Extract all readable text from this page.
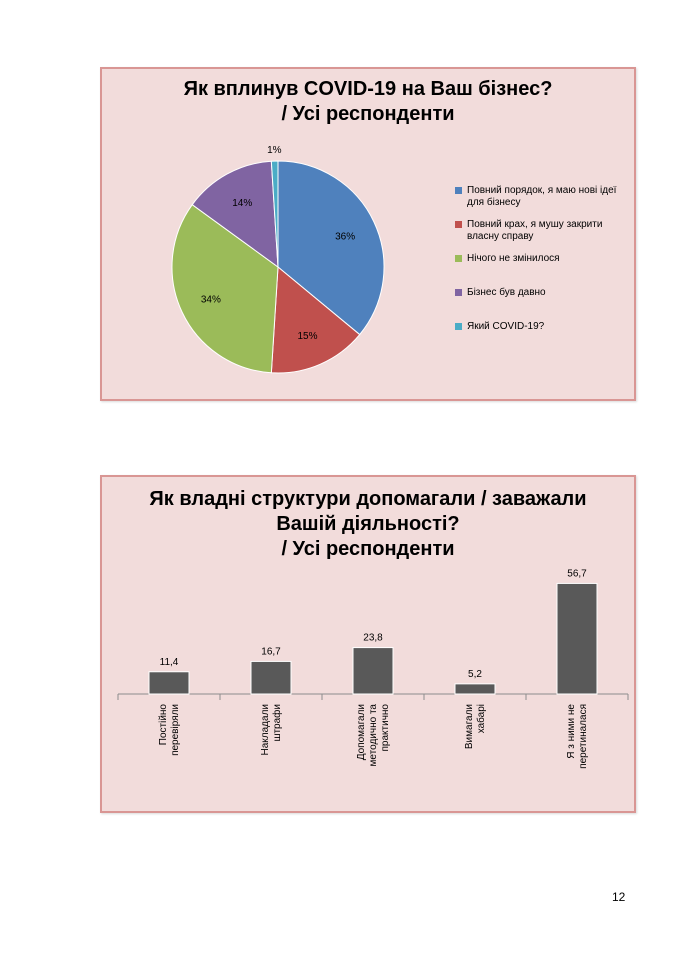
Як вплинув COVID-19 на Ваш бізнес?
/ Усі респонденти
36%
15%
34%
14%
1%
Повний порядок, я маю нові ідеї для бізнесу
Повний крах, я мушу закрити власну справу
Нічого не змінилося
Бізнес був давно
Який COVID-19?
Як владні структури допомагали / заважали
Вашій діяльності?
/ Усі респонденти
11,4
Постійно перевіряли
16,7
Накладали штрафи
23,8
Допомагали методично та практично
5,2
Вимагали хабарі
56,7
Я з ними не перетиналася
12
